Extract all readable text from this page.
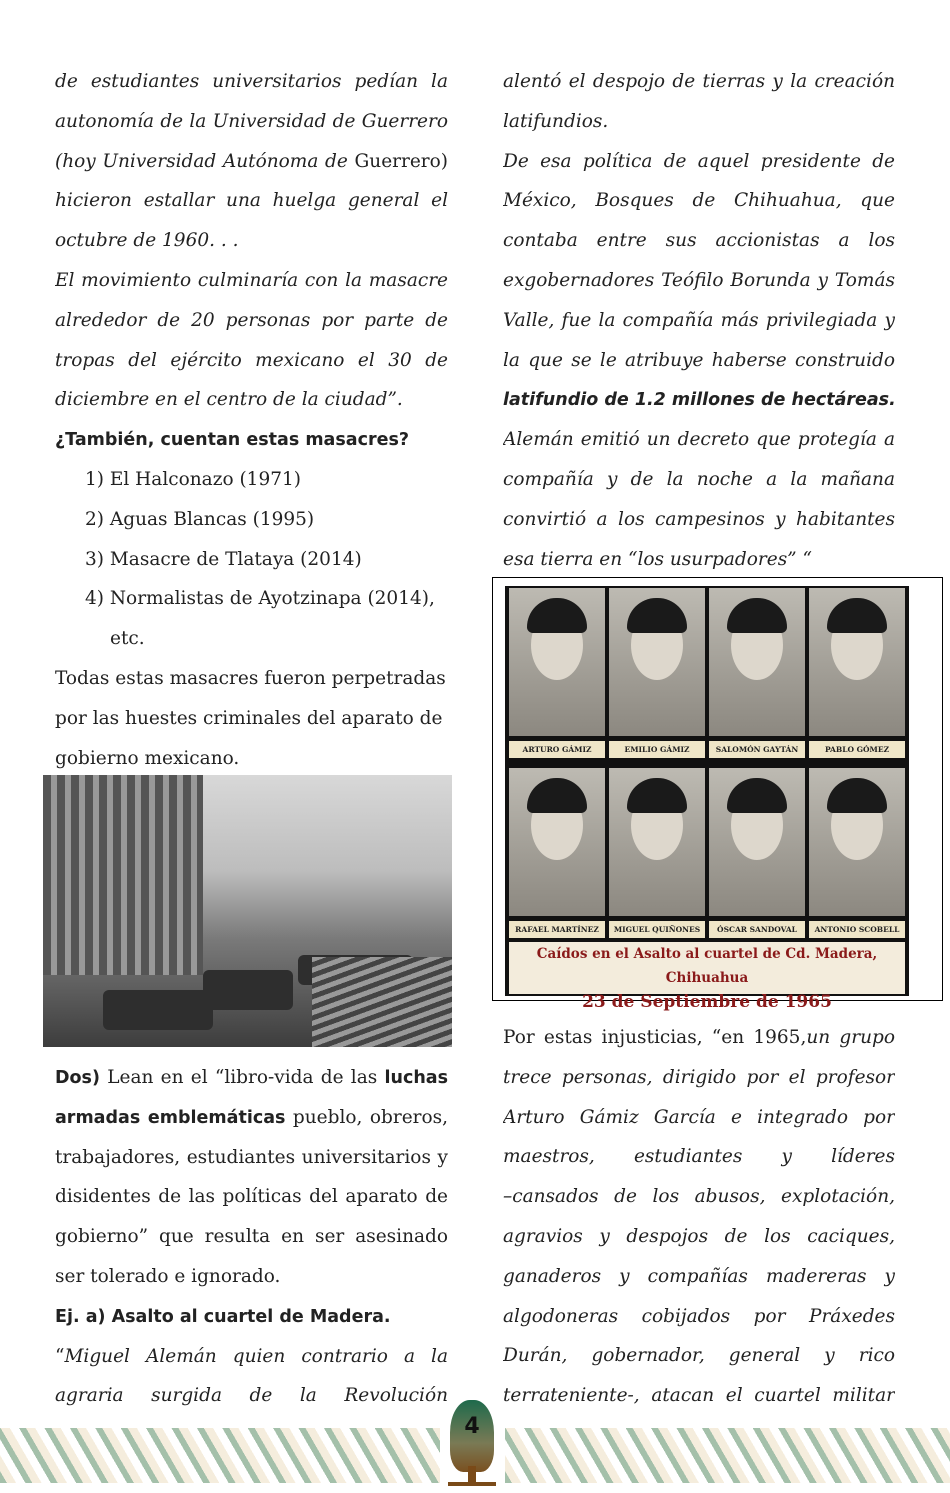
de estudiantes universitarios pedían la
autonomía de la Universidad de Guerrero
(hoy Universidad Autónoma de Guerrero)
hicieron estallar una huelga general el
octubre de 1960. . .
El movimiento culminaría con la masacre
alrededor de 20 personas por parte de
tropas del ejército mexicano el 30 de
diciembre en el centro de la ciudad”.
¿También, cuentan estas masacres?
1) El Halconazo (1971)
2) Aguas Blancas (1995)
3) Masacre de Tlataya (2014)
4) Normalistas de Ayotzinapa (2014),
etc.
Todas estas masacres fueron perpetradas
por las huestes criminales del aparato de
gobierno mexicano.
Dos) Lean en el “libro-vida de las luchas
armadas emblemáticas pueblo, obreros,
trabajadores, estudiantes universitarios y
disidentes de las políticas del aparato de
gobierno” que resulta en ser asesinado
ser tolerado e ignorado.
Ej. a) Asalto al cuartel de Madera.
“Miguel Alemán quien contrario a la
agraria surgida de la Revolución
alentó el despojo de tierras y la creación
latifundios.
De esa política de aquel presidente de
México, Bosques de Chihuahua, que
contaba entre sus accionistas a los
exgobernadores Teófilo Borunda y Tomás
Valle, fue la compañía más privilegiada y
la que se le atribuye haberse construido
latifundio de 1.2 millones de hectáreas.
Alemán emitió un decreto que protegía a
compañía y de la noche a la mañana
convirtió a los campesinos y habitantes
esa tierra en “los usurpadores” “
ARTURO GÁMIZ	EMILIO GÁMIZ	SALOMÓN GAYTÁN	PABLO GÓMEZ
RAFAEL MARTÍNEZ	MIGUEL QUIÑONES	ÓSCAR SANDOVAL	ANTONIO SCOBELL
Caídos en el Asalto al cuartel de Cd. Madera, Chihuahua
23 de Septiembre de 1965
Por estas injusticias, “en 1965,un grupo
trece personas, dirigido por el profesor
Arturo Gámiz García e integrado por
maestros, estudiantes y líderes
–cansados de los abusos, explotación,
agravios y despojos de los caciques,
ganaderos y compañías madereras y
algodoneras cobijados por Práxedes
Durán, gobernador, general y rico
terrateniente-, atacan el cuartel militar
4
